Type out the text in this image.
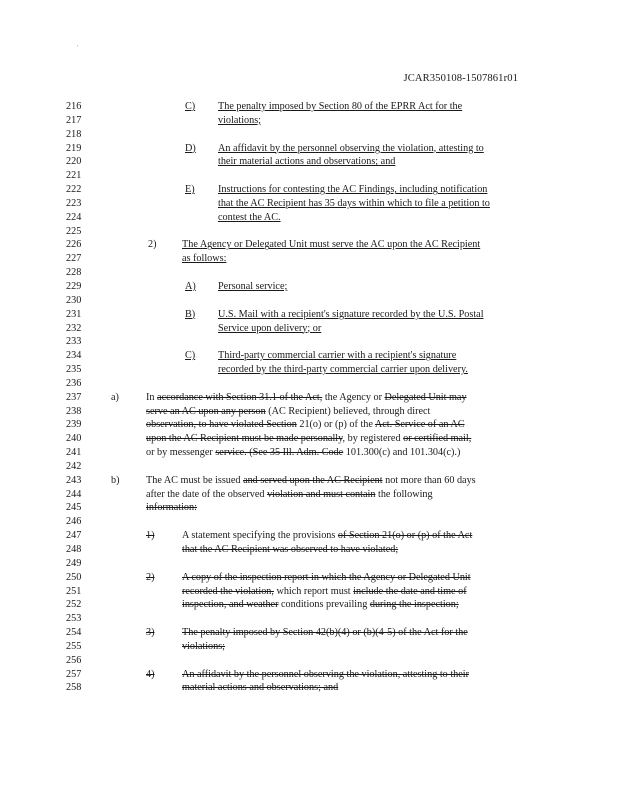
'
JCAR350108-1507861r01
216	C) The penalty imposed by Section 80 of the EPRR Act for the
217	violations;
218
219	D) An affidavit by the personnel observing the violation, attesting to
220	their material actions and observations; and
221
222	E) Instructions for contesting the AC Findings, including notification
223	that the AC Recipient has 35 days within which to file a petition to
224	contest the AC.
225
226	2)	The Agency or Delegated Unit must serve the AC upon the AC Recipient
227	as follows:
228
229	A) Personal service;
230
231	B) U.S. Mail with a recipient's signature recorded by the U.S. Postal
232	Service upon delivery; or
233
234	C) Third-party commercial carrier with a recipient's signature
235	recorded by the third-party commercial carrier upon delivery.
236
237	a)	In accordance with Section 31.1 of the Act, the Agency or Delegated Unit may
238	serve an AC upon any person (AC Recipient) believed, through direct
239	observation, to have violated Section 21(o) or (p) of the Act. Service of an AC
240	upon the AC Recipient must be made personally, by registered or certified mail,
241	or by messenger service. (See 35 Ill. Adm. Code 101.300(c) and 101.304(c).)
242
243	b)	The AC must be issued and served upon the AC Recipient not more than 60 days
244	after the date of the observed violation and must contain the following
245	information:
246
247	1)	A statement specifying the provisions of Section 21(o) or (p) of the Act
248	that the AC Recipient was observed to have violated;
249
250	2)	A copy of the inspection report in which the Agency or Delegated Unit
251	recorded the violation, which report must include the date and time of
252	inspection, and weather conditions prevailing during the inspection;
253
254	3)	The penalty imposed by Section 42(b)(4) or (b)(4-5) of the Act for the
255	violations;
256
257	4)	An affidavit by the personnel observing the violation, attesting to their
258	material actions and observations; and
